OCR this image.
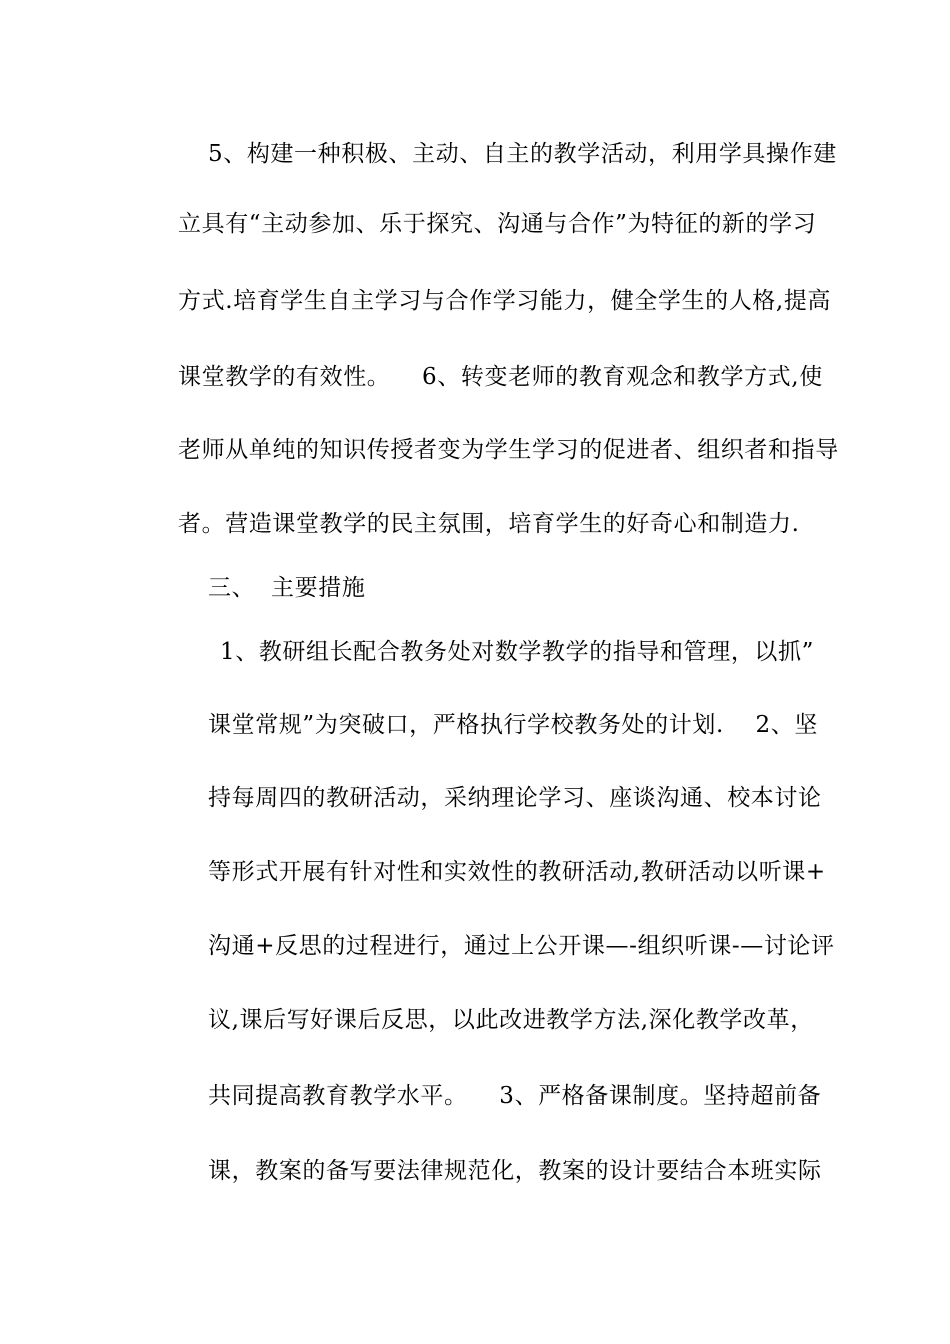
5、构建一种积极、主动、自主的教学活动，利用学具操作建
立具有“主动参加、乐于探究、沟通与合作”为特征的新的学习
方式.培育学生自主学习与合作学习能力，健全学生的人格,提高
课堂教学的有效性。    6、转变老师的教育观念和教学方式,使
老师从单纯的知识传授者变为学生学习的促进者、组织者和指导
者。营造课堂教学的民主氛围，培育学生的好奇心和制造力.
三、  主要措施
1、教研组长配合教务处对数学教学的指导和管理，以抓”
课堂常规”为突破口，严格执行学校教务处的计划.    2、坚
持每周四的教研活动，采纳理论学习、座谈沟通、校本讨论
等形式开展有针对性和实效性的教研活动,教研活动以听课+
沟通+反思的过程进行，通过上公开课—-组织听课-—讨论评
议,课后写好课后反思，以此改进教学方法,深化教学改革，
共同提高教育教学水平。    3、严格备课制度。坚持超前备
课，教案的备写要法律规范化，教案的设计要结合本班实际
